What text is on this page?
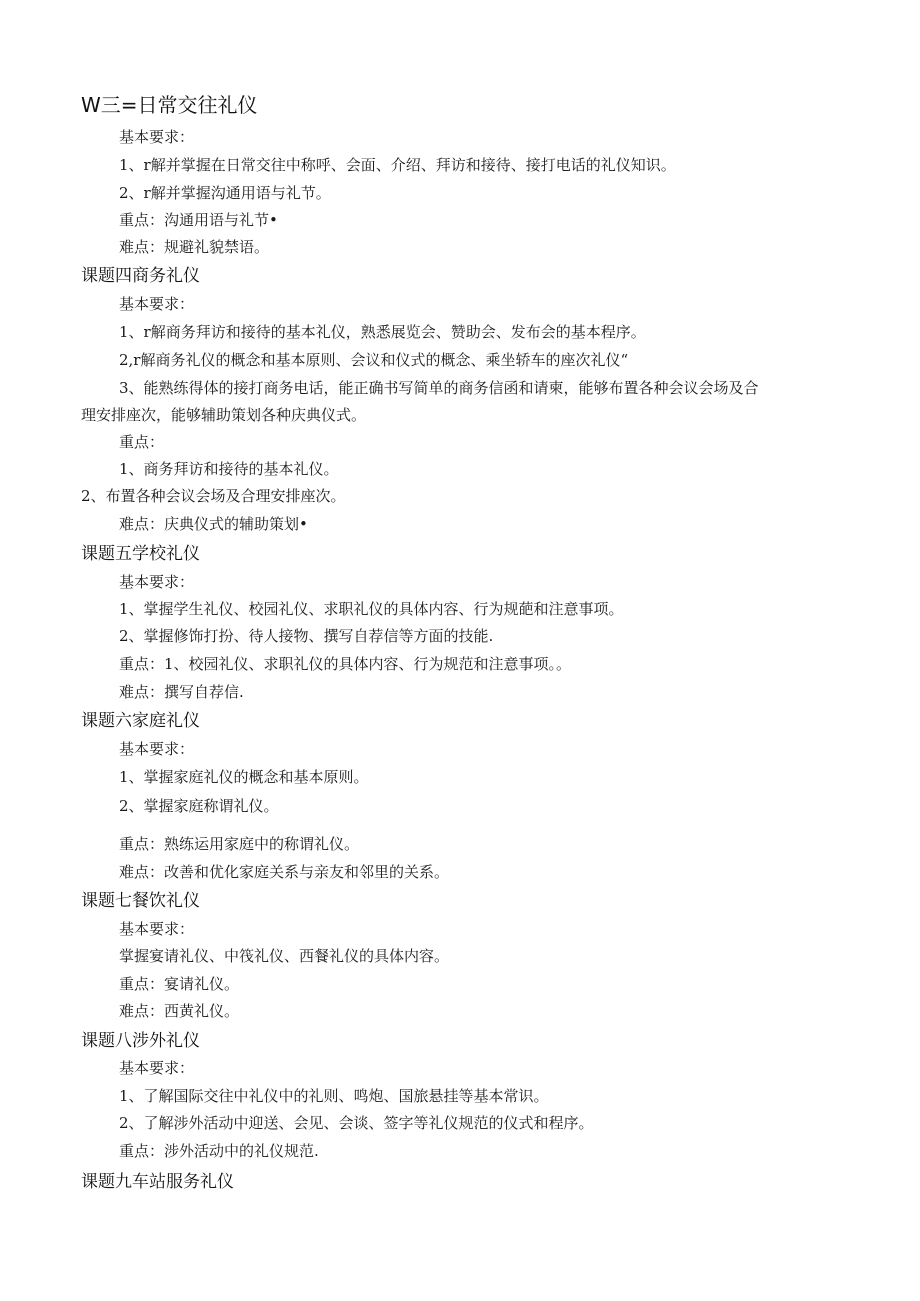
W三=日常交往礼仪
基本要求：
1、r解并掌握在日常交往中称呼、会面、介绍、拜访和接待、接打电话的礼仪知识。
2、r解并掌握沟通用语与礼节。
重点：沟通用语与礼节•
难点：规避礼貌禁语。
课题四商务礼仪
基本要求：
1、r解商务拜访和接待的基本礼仪，熟悉展览会、赞助会、发布会的基本程序。
2,r解商务礼仪的概念和基本原则、会议和仪式的概念、乘坐轿车的座次礼仪“
3、能熟练得体的接打商务电话，能正确书写简单的商务信函和请柬，能够布置各种会议会场及合
理安排座次，能够辅助策划各种庆典仪式。
重点：
1、商务拜访和接待的基本礼仪。
2、布置各种会议会场及合理安排座次。
难点：庆典仪式的辅助策划•
课题五学校礼仪
基本要求：
1、掌握学生礼仪、校园礼仪、求职礼仪的具体内容、行为规葩和注意事项。
2、掌握修饰打扮、待人接物、撰写自荐信等方面的技能.
重点：1、校园礼仪、求职礼仪的具体内容、行为规范和注意事项。。
难点：撰写自荐信.
课题六家庭礼仪
基本要求：
1、掌握家庭礼仪的概念和基本原则。
2、掌握家庭称谓礼仪。
重点：熟练运用家庭中的称谓礼仪。
难点：改善和优化家庭关系与亲友和邻里的关系。
课题七餐饮礼仪
基本要求：
掌握宴请礼仪、中筏礼仪、西餐礼仪的具体内容。
重点：宴请礼仪。
难点：西黄礼仪。
课题八涉外礼仪
基本要求：
1、了解国际交往中礼仪中的礼则、鸣炮、国旅悬挂等基本常识。
2、了解涉外活动中迎送、会见、会谈、签字等礼仪规范的仪式和程序。
重点：涉外活动中的礼仪规范.
课题九车站服务礼仪
